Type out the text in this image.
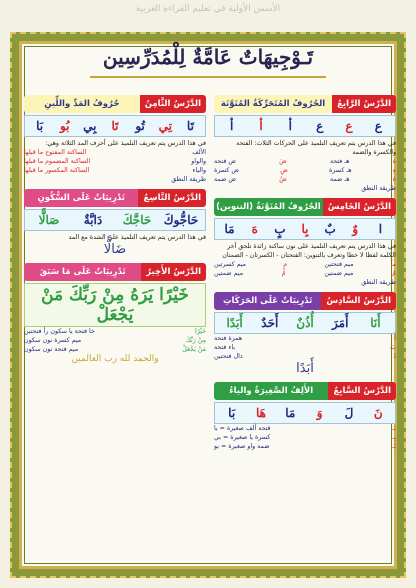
الأسس الأولية في تعليم القراءة العربية
تَـوْجِيهَاتٌ عَامَّةٌ لِلْمُدَرِّسِين
الحُرُوفُ المُتَحَرِّكَةُ المُنَوَّنَة	الدَّرْسُ الرَّابِعُ
أ	أ	أ	ع	ع	ع
في هذا الدرس يتم تعريف التلميذ على الحركات الثلاث: الفتحة والكسرة والضمة
هَ
هـ فتحة
ضَ
ض فتحة
هِ
هـ كسرة
ضِ
ض كسرة
هُ
هـ ضمة
ضُ
ض ضمة
طريقة النطق
الحُرُوفُ المُنَوَّنَةُ (التنوين) الدَّرْسُ الخَامِسُ
مَا	هَ	بٍ	بِا	بٌ	وٌ	ا
في هذا الدرس يتم تعريف التلميذ على نون ساكنة زائدة تلحق آخر الكلمة لفظا لا خطا وتعرف بالتنوين: الفتحتان - الكسرتان - الضمتان
ماً
ميم فتحتين
مٍ
ميم كسرتين
مٌ
ميم ضمتين
مٌ
ميم ضمتين
طريقة النطق
تَدْرِيبَاتٌ عَلَى الحَرَكَاتِ	الدَّرْسُ السَّادِسُ
أَبَدًا	أَحَدٌ	أُذُنٌ	أَمَرَ	أَنَا
أَ
همزة فتحة
بَ
باء فتحة
دً
دال فتحتين
أَبَدًا
الأَلِفُ الصَّغِيرَةُ والياءُ	الدَّرْسُ السَّابِعُ
بَا	هَا	مَا	وَ	لَ	نَ
بَـ
فتحة ألف صغيرة = با
بِـ
كسرة يا صغيرة = بي
بُـ
ضمة واو صغيرة = بو
حُرُوفُ المَدِّ واللِّينِ	الدَّرْسُ الثَّامِنُ
بَا	بُو	بِي	تَا	تُو	تِي	تَا
في هذا الدرس يتم تعريف التلميذ على أحرف المد الثلاثة وهي:
الألف
الساكنة المفتوح ما قبلها
والواو
الساكنة المضموم ما قبلها
والياء
الساكنة المكسور ما قبلها
طريقة النطق
تَدْرِيبَاتٌ عَلَى السُّكُونِ	الدَّرْسُ التَّاسِعُ
صَالًّا	دَابَّةٌ	حَاجَّكَ	حَاجُّوكَ
في هذا الدرس يتم تعريف التلميذ على الشدة مع المد
ضَالًّا
تَدْرِيبَاتٌ عَلَى مَا سَبَقَ	الدَّرْسُ الأَخِيرُ
خَيْرًا يَرَهُ مِنْ رَبِّكَ مَنْ يَجْعَلْ
خَيْرًا
خا فتحة يا سكون رأ فتحتين
مِنْ رَبِّكَ
ميم كسرة نون سكون
مَنْ يَجْعَلْ
ميم فتحة نون سكون
والحمد لله رب العالمين
